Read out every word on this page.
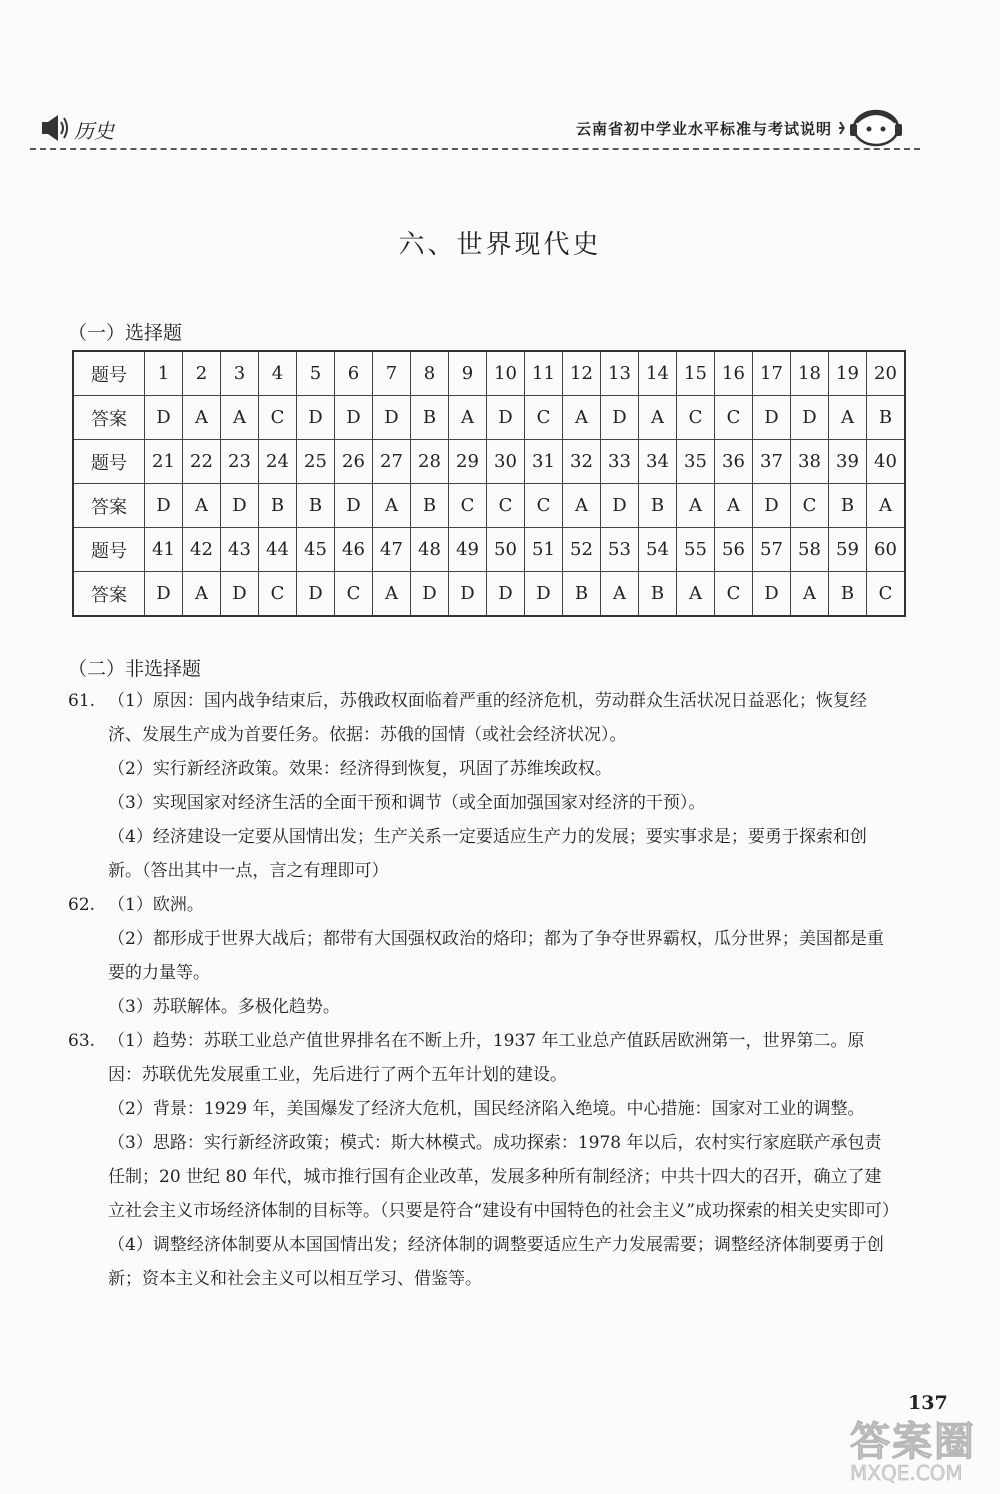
历史	云南省初中学业水平标准与考试说明
六、世界现代史
（一）选择题
题号	1	2	3	4	5	6	7	8	9	10	11	12	13	14	15	16	17	18	19	20
答案	D	A	A	C	D	D	D	B	A	D	C	A	D	A	C	C	D	D	A	B
题号	21	22	23	24	25	26	27	28	29	30	31	32	33	34	35	36	37	38	39	40
答案	D	A	D	B	B	D	A	B	C	C	C	A	D	B	A	A	D	C	B	A
题号	41	42	43	44	45	46	47	48	49	50	51	52	53	54	55	56	57	58	59	60
答案	D	A	D	C	D	C	A	D	D	D	D	B	A	B	A	C	D	A	B	C
（二）非选择题
61. （1）原因：国内战争结束后，苏俄政权面临着严重的经济危机，劳动群众生活状况日益恶化；恢复经济、发展生产成为首要任务。依据：苏俄的国情（或社会经济状况）。
（2）实行新经济政策。效果：经济得到恢复，巩固了苏维埃政权。
（3）实现国家对经济生活的全面干预和调节（或全面加强国家对经济的干预）。
（4）经济建设一定要从国情出发；生产关系一定要适应生产力的发展；要实事求是；要勇于探索和创新。（答出其中一点，言之有理即可）
62. （1）欧洲。
（2）都形成于世界大战后；都带有大国强权政治的烙印；都为了争夺世界霸权，瓜分世界；美国都是重要的力量等。
（3）苏联解体。多极化趋势。
63. （1）趋势：苏联工业总产值世界排名在不断上升，1937 年工业总产值跃居欧洲第一，世界第二。原因：苏联优先发展重工业，先后进行了两个五年计划的建设。
（2）背景：1929 年，美国爆发了经济大危机，国民经济陷入绝境。中心措施：国家对工业的调整。
（3）思路：实行新经济政策；模式：斯大林模式。成功探索：1978 年以后，农村实行家庭联产承包责任制；20 世纪 80 年代，城市推行国有企业改革，发展多种所有制经济；中共十四大的召开，确立了建立社会主义市场经济体制的目标等。（只要是符合“建设有中国特色的社会主义”成功探索的相关史实即可）
（4）调整经济体制要从本国国情出发；经济体制的调整要适应生产力发展需要；调整经济体制要勇于创新；资本主义和社会主义可以相互学习、借鉴等。
137
答案圈
MXQE.COM
